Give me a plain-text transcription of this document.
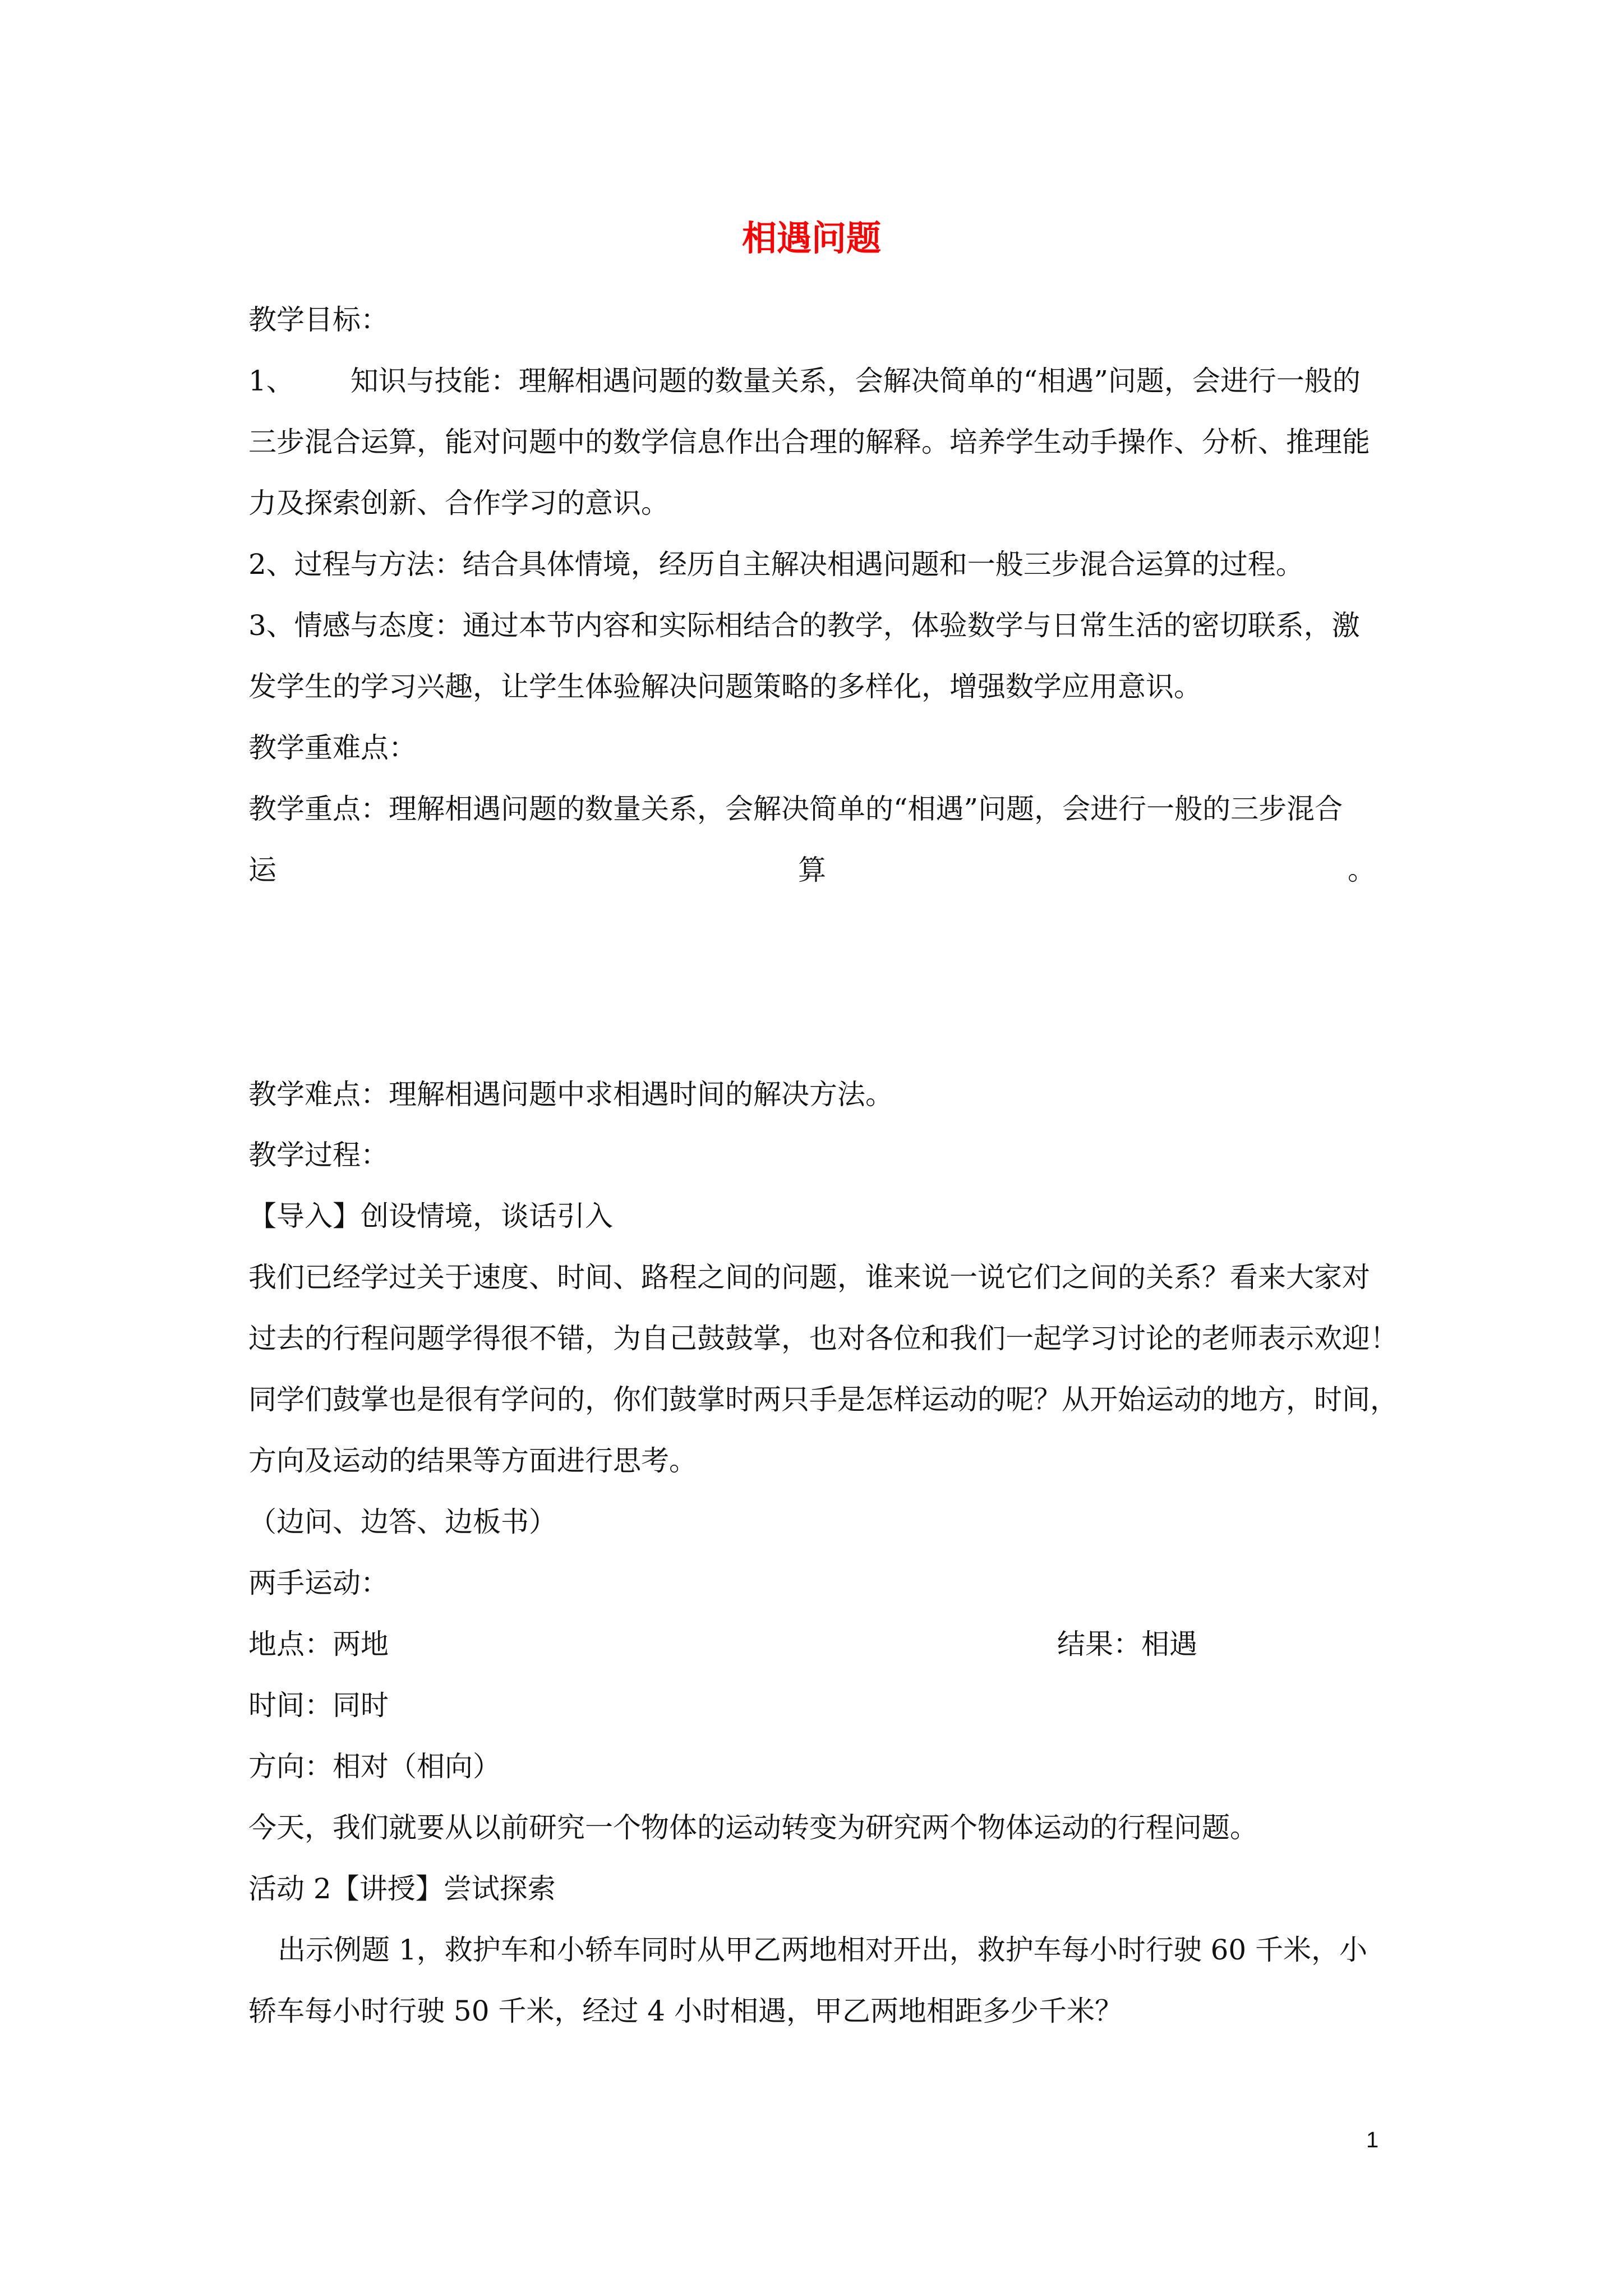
相遇问题
教学目标：
1、 知识与技能：理解相遇问题的数量关系，会解决简单的“相遇”问题，会进行一般的
三步混合运算，能对问题中的数学信息作出合理的解释。培养学生动手操作、分析、推理能
力及探索创新、合作学习的意识。
2、过程与方法：结合具体情境，经历自主解决相遇问题和一般三步混合运算的过程。
3、情感与态度：通过本节内容和实际相结合的教学，体验数学与日常生活的密切联系，激
发学生的学习兴趣，让学生体验解决问题策略的多样化，增强数学应用意识。
教学重难点：
教学重点：理解相遇问题的数量关系，会解决简单的“相遇”问题，会进行一般的三步混合
运	算	。
教学难点：理解相遇问题中求相遇时间的解决方法。
教学过程：
【导入】创设情境，谈话引入
我们已经学过关于速度、时间、路程之间的问题，谁来说一说它们之间的关系？看来大家对
过去的行程问题学得很不错，为自己鼓鼓掌，也对各位和我们一起学习讨论的老师表示欢迎！
同学们鼓掌也是很有学问的，你们鼓掌时两只手是怎样运动的呢？从开始运动的地方，时间，
方向及运动的结果等方面进行思考。
（边问、边答、边板书）
两手运动：
地点：两地	结果：相遇
时间：同时
方向：相对（相向）
今天，我们就要从以前研究一个物体的运动转变为研究两个物体运动的行程问题。
活动 2【讲授】尝试探索
出示例题 1，救护车和小轿车同时从甲乙两地相对开出，救护车每小时行驶 60 千米，小
轿车每小时行驶 50 千米，经过 4 小时相遇，甲乙两地相距多少千米？
1
